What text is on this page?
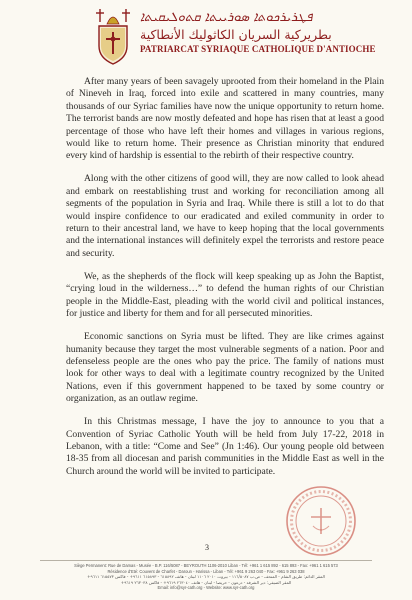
ܦܛܪܝܪܟܘܬܐ ܣܘܪܝܝܬܐ ܩܬܘܠܝܩܝܬܐ
بطريركية السريان الكاثوليك الأنطاكية
PATRIARCAT SYRIAQUE CATHOLIQUE D'ANTIOCHE

After many years of been savagely uprooted from their homeland in the Plain of Nineveh in Iraq, forced into exile and scattered in many countries, many thousands of our Syriac families have now the unique opportunity to return home. The terrorist bands are now mostly defeated and hope has risen that at least a good percentage of those who have left their homes and villages in various regions, would like to return home. Their presence as Christian minority that endured every kind of hardship is essential to the rebirth of their respective country.

Along with the other citizens of good will, they are now called to look ahead and embark on reestablishing trust and working for reconciliation among all segments of the population in Syria and Iraq. While there is still a lot to do that would inspire confidence to our eradicated and exiled community in order to return to their ancestral land, we have to keep hoping that the local governments and the international instances will definitely expel the terrorists and restore peace and security.

We, as the shepherds of the flock will keep speaking up as John the Baptist, “crying loud in the wilderness…” to defend the human rights of our Christian people in the Middle-East, pleading with the world civil and political instances, for justice and liberty for them and for all persecuted minorities.

Economic sanctions on Syria must be lifted. They are like crimes against humanity because they target the most vulnerable segments of a nation. Poor and defenseless people are the ones who pay the price. The family of nations must look for other ways to deal with a legitimate country recognized by the United Nations, even if this government happened to be taxed by some country or organization, as an outlaw regime.

In this Christmas message, I have the joy to announce to you that a Convention of Syriac Catholic Youth will be held from July 17-22, 2018 in Lebanon, with a title: “Come and See” (Jn 1:46). Our young people old between 18-35 from all diocesan and parish communities in the Middle East as well in the Church around the world will be invited to participate.

3
Siège Permanent: Rue de Damas - Musée - B.P. 116/5087 - BEYROUTH 1106-2010 Liban - Tél: +961 1 615 892 - 615 893 - Fax: +961 1 615 573
Résidence d'Eté: Couvent de Charfet - Daroun - Harissa - Liban - Tél: +961 9 263 040 - Fax: +961 9 263 038
المقر الدائم: طريق الشام - المتحف - ص.ب ١١٦/٥٠٨٧ - بيروت ٢٠١٠ ١١٠٦ لبنان - هاتف ٦١٥٨٩٢ - ٦١٥٨٩٣ ٩٦١١+ - فاكس ٦١٥٥٧٣ ٩٦١١+
المقر الصيفي: دير الشرفة - درعون - حريصا - لبنان - هاتف ٢٦٣٠٤٠ ٩٦١٩+ - فاكس ٢٦٣٠٣٨ ٩٦١٩+
Email: info@syr-cath.org - Website: www.syr-cath.org
